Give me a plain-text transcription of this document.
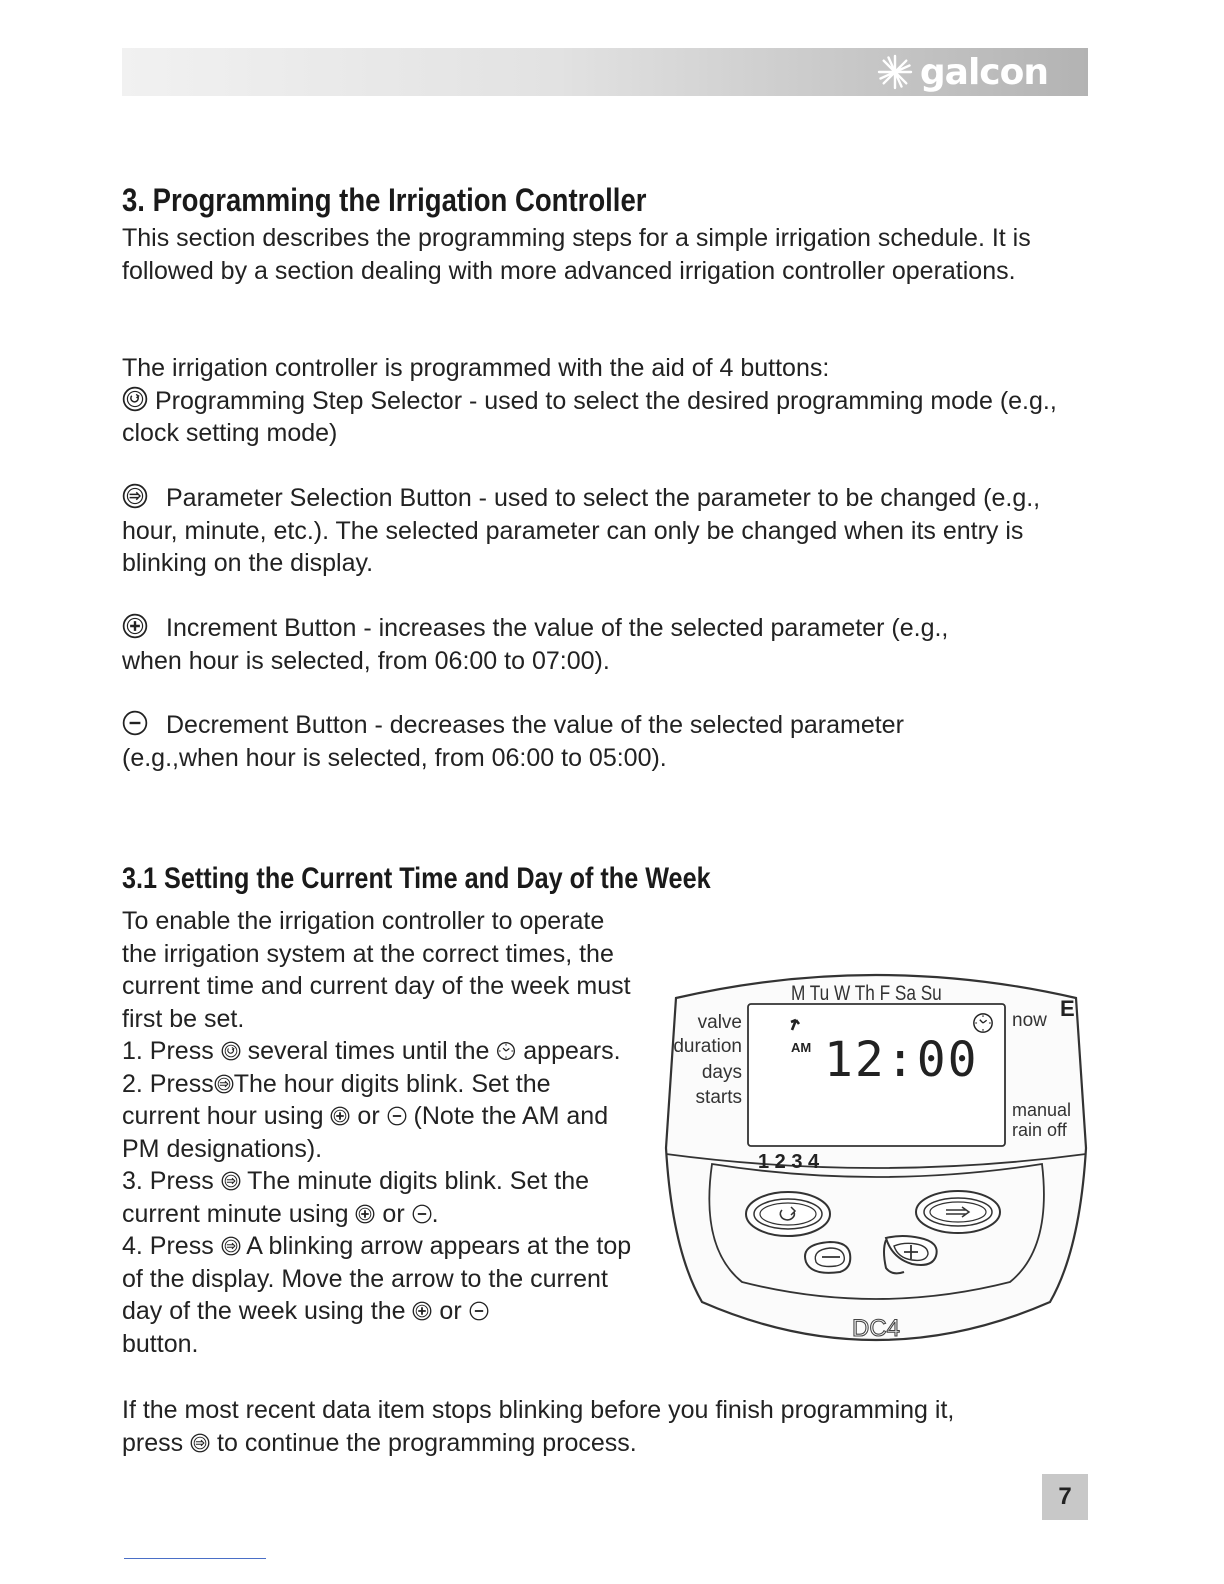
galcon
3. Programming the Irrigation Controller

This section describes the programming steps for a simple irrigation schedule. It is followed by a section dealing with more advanced irrigation controller operations.

The irrigation controller is programmed with the aid of 4 buttons:
Programming Step Selector - used to select the desired programming mode (e.g., clock setting mode)

Parameter Selection Button - used to select the parameter to be changed (e.g., hour, minute, etc.). The selected parameter can only be changed when its entry is blinking on the display.

Increment Button - increases the value of the selected parameter (e.g., when hour is selected, from 06:00 to 07:00).

Decrement Button - decreases the value of the selected parameter (e.g.,when hour is selected, from 06:00 to 05:00).

3.1 Setting the Current Time and Day of the Week

To enable the irrigation controller to operate the irrigation system at the correct times, the current time and current day of the week must first be set.
1. Press  several times until the  appears.
2. Press The hour digits blink. Set the current hour using  or  (Note the AM and PM designations).
3. Press  The minute digits blink. Set the current minute using  or .
4. Press  A blinking arrow appears at the top of the display. Move the arrow to the current day of the week using the  or
button.

M Tu W Th F Sa Su
valve
duration
days
starts
AM 12:00
now E
manual
rain off
1 2 3 4
DC4

If the most recent data item stops blinking before you finish programming it, press  to continue the programming process.

7
